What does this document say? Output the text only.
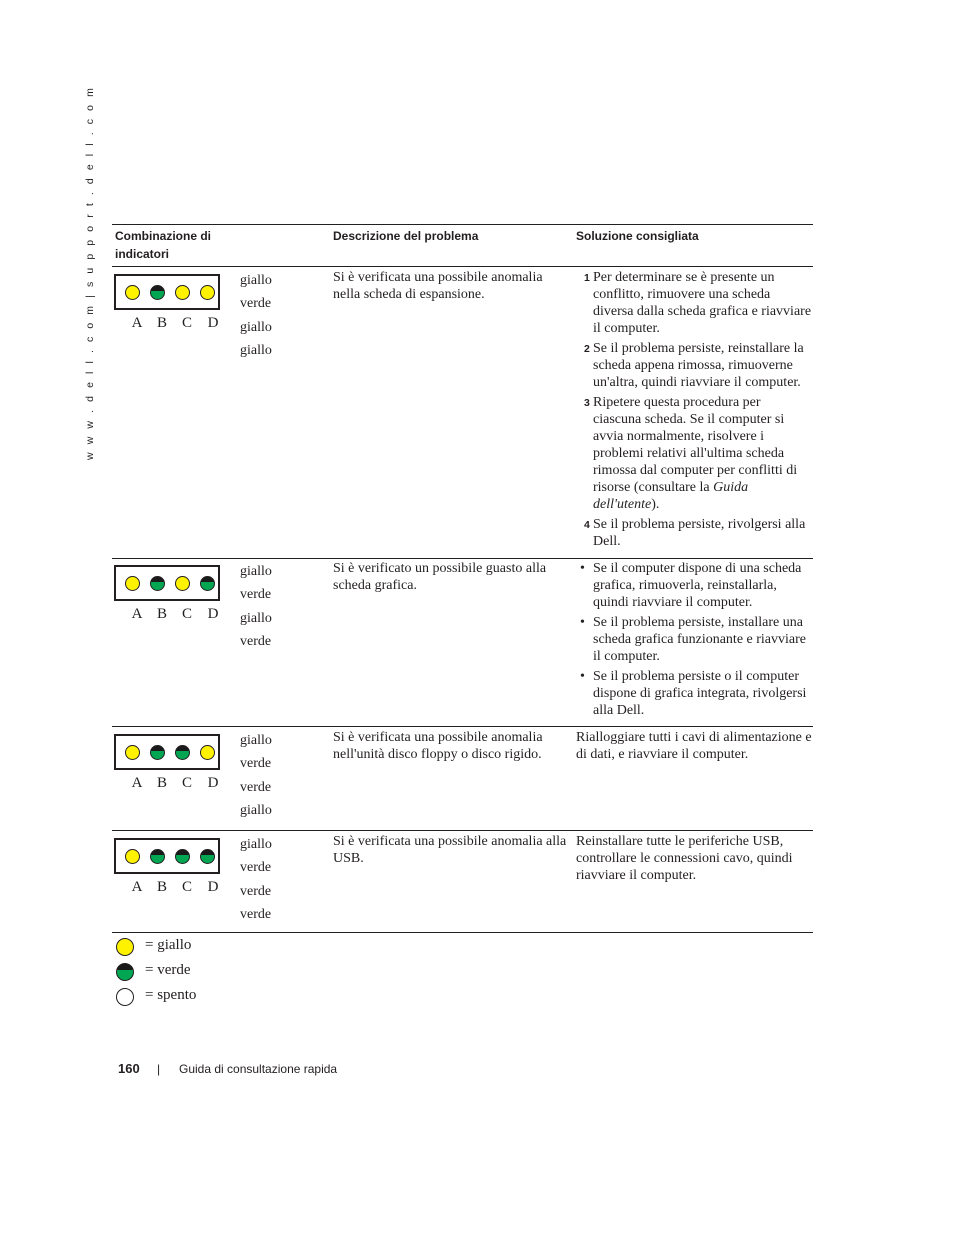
w w w . d e l l . c o m | s u p p o r t . d e l l . c o m Combinazione di indicatori
Descrizione del problema	Soluzione consigliata
A B C D
giallo
verde
giallo
giallo
Si è verificata una possibile anomalia nella scheda di espansione.
1 Per determinare se è presente un conflitto, rimuovere una scheda diversa dalla scheda grafica e riavviare il computer.
2 Se il problema persiste, reinstallare la scheda appena rimossa, rimuoverne un'altra, quindi riavviare il computer.
3 Ripetere questa procedura per ciascuna scheda. Se il computer si avvia normalmente, risolvere i problemi relativi all'ultima scheda rimossa dal computer per conflitti di risorse (consultare la Guida dell'utente).
4 Se il problema persiste, rivolgersi alla Dell.
A B C D
giallo
verde
giallo
verde
Si è verificato un possibile guasto alla scheda grafica.
• Se il computer dispone di una scheda grafica, rimuoverla, reinstallarla, quindi riavviare il computer.
• Se il problema persiste, installare una scheda grafica funzionante e riavviare il computer.
• Se il problema persiste o il computer dispone di grafica integrata, rivolgersi alla Dell.
A B C D
giallo
verde
verde
giallo
Si è verificata una possibile anomalia nell'unità disco floppy o disco rigido.
Rialloggiare tutti i cavi di alimentazione e di dati, e riavviare il computer.
A B C D
giallo
verde
verde
verde
Si è verificata una possibile anomalia alla USB.
Reinstallare tutte le periferiche USB, controllare le connessioni cavo, quindi riavviare il computer.
= giallo
= verde
= spento
160 | Guida di consultazione rapida
